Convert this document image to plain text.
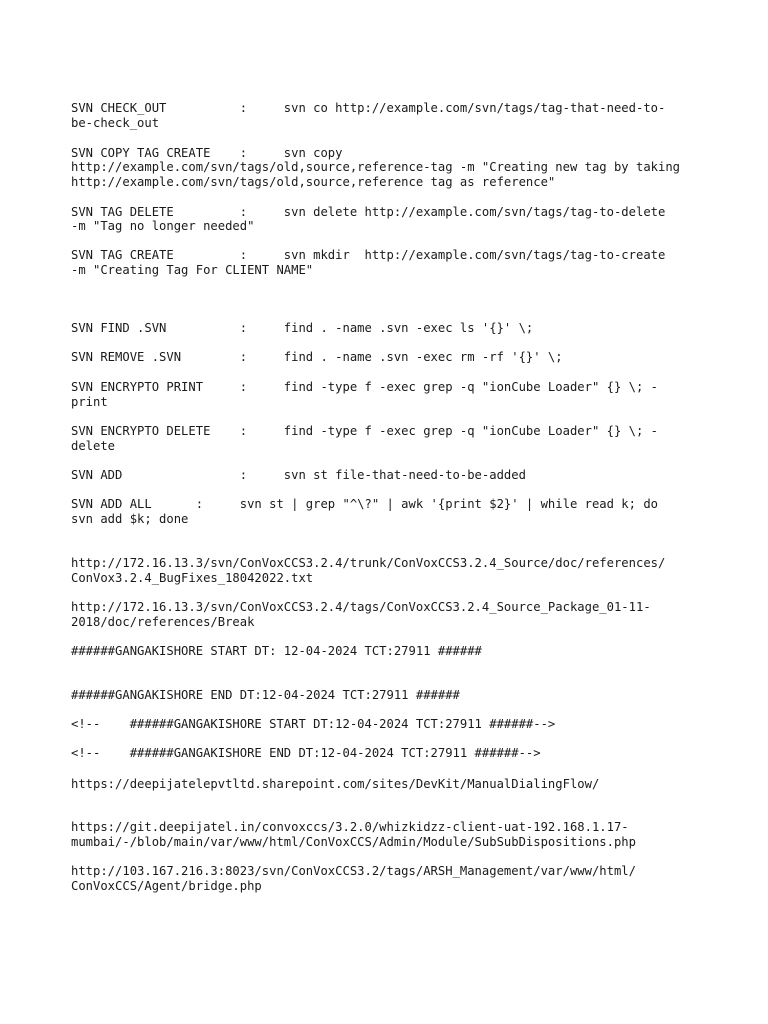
SVN CHECK_OUT          :     svn co http://example.com/svn/tags/tag-that-need-to-

be-check_out

SVN COPY TAG CREATE    :     svn copy

http://example.com/svn/tags/old,source,reference-tag -m "Creating new tag by taking

http://example.com/svn/tags/old,source,reference tag as reference"

SVN TAG DELETE         :     svn delete http://example.com/svn/tags/tag-to-delete

-m "Tag no longer needed"

SVN TAG CREATE         :     svn mkdir  http://example.com/svn/tags/tag-to-create

-m "Creating Tag For CLIENT NAME"

SVN FIND .SVN          :     find . -name .svn -exec ls '{}' \;

SVN REMOVE .SVN        :     find . -name .svn -exec rm -rf '{}' \;

SVN ENCRYPTO PRINT     :     find -type f -exec grep -q "ionCube Loader" {} \; -

print

SVN ENCRYPTO DELETE    :     find -type f -exec grep -q "ionCube Loader" {} \; -

delete

SVN ADD                :     svn st file-that-need-to-be-added

SVN ADD ALL      :     svn st | grep "^\?" | awk '{print $2}' | while read k; do

svn add $k; done

http://172.16.13.3/svn/ConVoxCCS3.2.4/trunk/ConVoxCCS3.2.4_Source/doc/references/

ConVox3.2.4_BugFixes_18042022.txt

http://172.16.13.3/svn/ConVoxCCS3.2.4/tags/ConVoxCCS3.2.4_Source_Package_01-11-

2018/doc/references/Break

######GANGAKISHORE START DT: 12-04-2024 TCT:27911 ######

######GANGAKISHORE END DT:12-04-2024 TCT:27911 ######

<!--    ######GANGAKISHORE START DT:12-04-2024 TCT:27911 ######-->

<!--    ######GANGAKISHORE END DT:12-04-2024 TCT:27911 ######-->

https://deepijatelepvtltd.sharepoint.com/sites/DevKit/ManualDialingFlow/

https://git.deepijatel.in/convoxccs/3.2.0/whizkidzz-client-uat-192.168.1.17-

mumbai/-/blob/main/var/www/html/ConVoxCCS/Admin/Module/SubSubDispositions.php

http://103.167.216.3:8023/svn/ConVoxCCS3.2/tags/ARSH_Management/var/www/html/

ConVoxCCS/Agent/bridge.php
